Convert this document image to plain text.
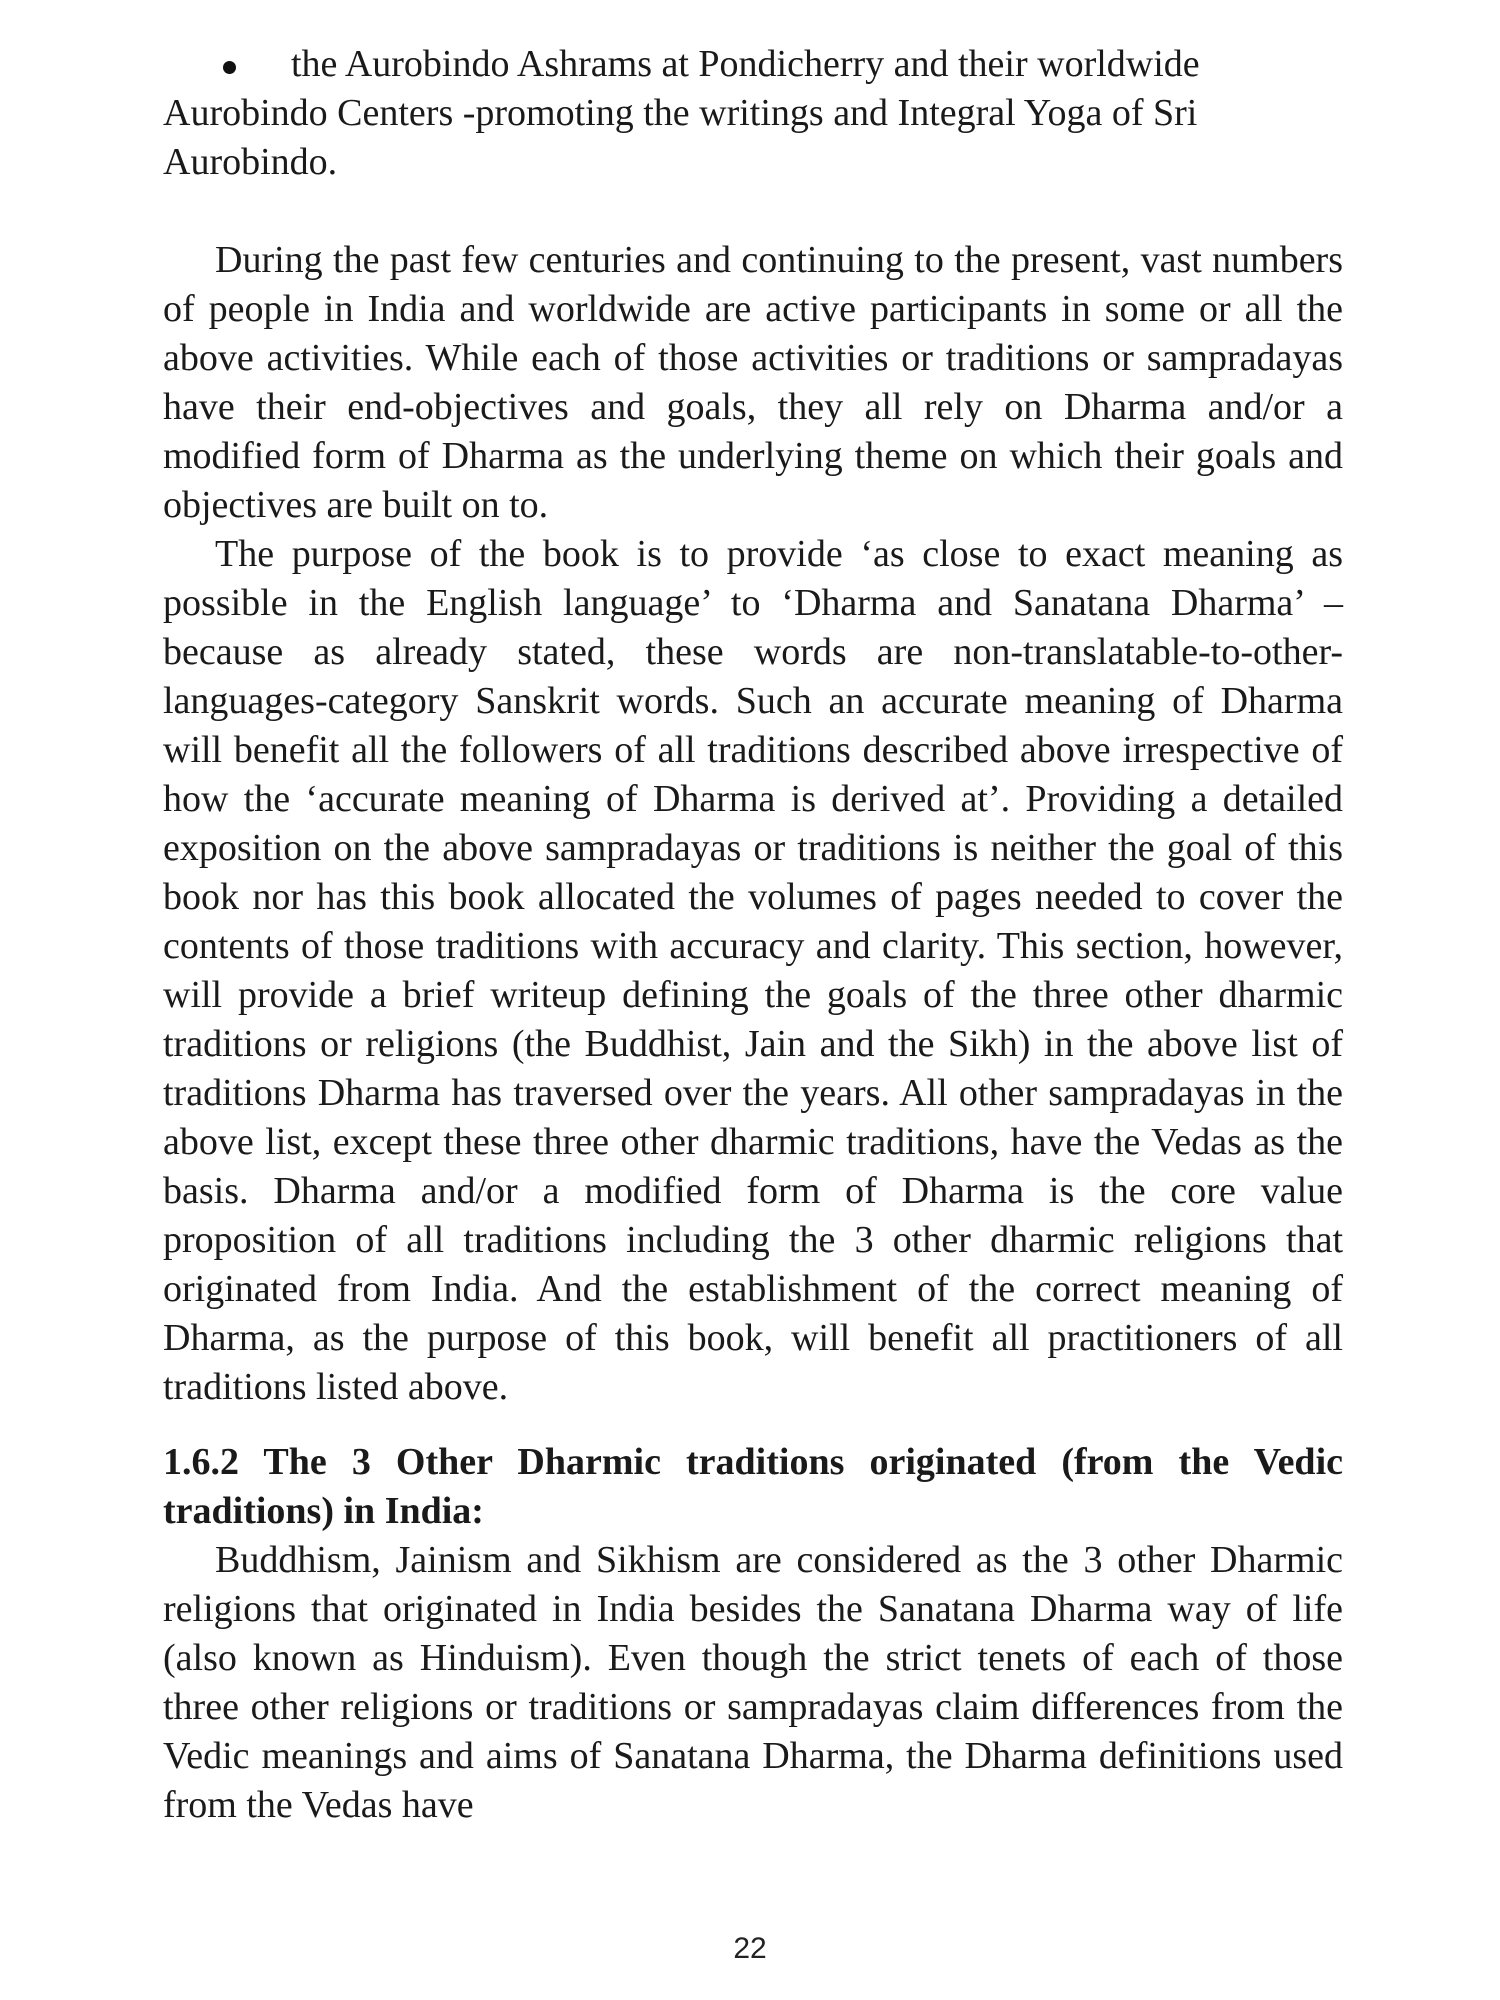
the Aurobindo Ashrams at Pondicherry and their worldwide Aurobindo Centers -promoting the writings and Integral Yoga of Sri Aurobindo.

During the past few centuries and continuing to the present, vast numbers of people in India and worldwide are active participants in some or all the above activities. While each of those activities or traditions or sampradayas have their end-objectives and goals, they all rely on Dharma and/or a modified form of Dharma as the underlying theme on which their goals and objectives are built on to.

The purpose of the book is to provide ‘as close to exact meaning as possible in the English language’ to ‘Dharma and Sanatana Dharma’ – because as already stated, these words are non-translatable-to-other-languages-category Sanskrit words. Such an accurate meaning of Dharma will benefit all the followers of all traditions described above irrespective of how the ‘accurate meaning of Dharma is derived at’. Providing a detailed exposition on the above sampradayas or traditions is neither the goal of this book nor has this book allocated the volumes of pages needed to cover the contents of those traditions with accuracy and clarity. This section, however, will provide a brief writeup defining the goals of the three other dharmic traditions or religions (the Buddhist, Jain and the Sikh) in the above list of traditions Dharma has traversed over the years. All other sampradayas in the above list, except these three other dharmic traditions, have the Vedas as the basis. Dharma and/or a modified form of Dharma is the core value proposition of all traditions including the 3 other dharmic religions that originated from India. And the establishment of the correct meaning of Dharma, as the purpose of this book, will benefit all practitioners of all traditions listed above.

1.6.2 The 3 Other Dharmic traditions originated (from the Vedic traditions) in India:

Buddhism, Jainism and Sikhism are considered as the 3 other Dharmic religions that originated in India besides the Sanatana Dharma way of life (also known as Hinduism). Even though the strict tenets of each of those three other religions or traditions or sampradayas claim differences from the Vedic meanings and aims of Sanatana Dharma, the Dharma definitions used from the Vedas have

22
